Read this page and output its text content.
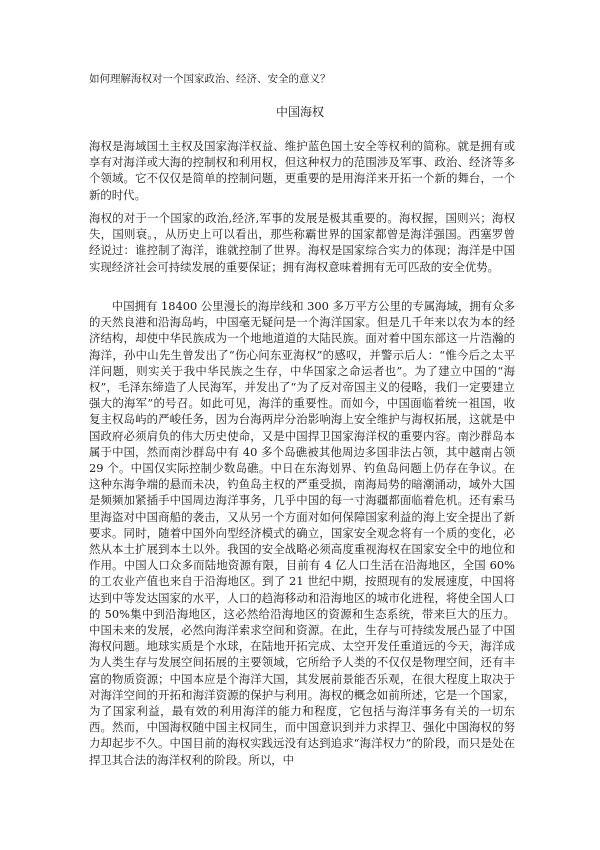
如何理解海权对一个国家政治、经济、安全的意义？
中国海权

海权是海域国土主权及国家海洋权益、维护蓝色国土安全等权利的简称。就是拥有或享有对海洋或大海的控制权和利用权，但这种权力的范围涉及军事、政治、经济等多个领域。它不仅仅是简单的控制问题，更重要的是用海洋来开拓一个新的舞台，一个新的时代。

海权的对于一个国家的政治,经济,军事的发展是极其重要的。海权握，国则兴；海权失，国则衰。，从历史上可以看出，那些称霸世界的国家都曾是海洋强国。西塞罗曾经说过：谁控制了海洋，谁就控制了世界。海权是国家综合实力的体现；海洋是中国实现经济社会可持续发展的重要保证；拥有海权意味着拥有无可匹敌的安全优势。

中国拥有 18400 公里漫长的海岸线和 300 多万平方公里的专属海域，拥有众多的天然良港和沿海岛屿，中国毫无疑问是一个海洋国家。但是几千年来以农为本的经济结构，却使中华民族成为一个地地道道的大陆民族。面对着中国东部这一片浩瀚的海洋，孙中山先生曾发出了“伤心问东亚海权”的感叹，并警示后人：“惟今后之太平洋问题，则实关于我中华民族之生存，中华国家之命运者也”。为了建立中国的“海权”，毛泽东缔造了人民海军，并发出了“为了反对帝国主义的侵略，我们一定要建立强大的海军”的号召。如此可见，海洋的重要性。而如今，中国面临着统一祖国，收复主权岛屿的严峻任务，因为台海两岸分治影响海上安全维护与海权拓展，这就是中国政府必须肩负的伟大历史使命，又是中国捍卫国家海洋权的重要内容。南沙群岛本属于中国，然而南沙群岛中有 40 多个岛礁被其他周边多国非法占领，其中越南占领 29 个。中国仅实际控制少数岛礁。中日在东海划界、钓鱼岛问题上仍存在争议。在这种东海争端的悬而未决，钓鱼岛主权的严重受损，南海局势的暗潮涌动，域外大国是频频加紧插手中国周边海洋事务，几乎中国的每一寸海疆都面临着危机。还有索马里海盗对中国商船的袭击，又从另一个方面对如何保障国家利益的海上安全提出了新要求。同时，随着中国外向型经济模式的确立，国家安全观念将有一个质的变化，必然从本土扩展到本土以外。我国的安全战略必须高度重视海权在国家安全中的地位和作用。中国人口众多而陆地资源有限，目前有 4 亿人口生活在沿海地区，全国 60%的工农业产值也来自于沿海地区。到了 21 世纪中期，按照现有的发展速度，中国将达到中等发达国家的水平，人口的趋海移动和沿海地区的城市化进程，将使全国人口的 50%集中到沿海地区，这必然给沿海地区的资源和生态系统，带来巨大的压力。中国未来的发展，必然向海洋索求空间和资源。在此，生存与可持续发展凸显了中国海权问题。地球实质是个水球，在陆地开拓完成、太空开发任重道远的今天，海洋成为人类生存与发展空间拓展的主要领域，它所给予人类的不仅仅是物理空间，还有丰富的物质资源；中国本应是个海洋大国，其发展前景能否乐观，在很大程度上取决于对海洋空间的开拓和海洋资源的保护与利用。海权的概念如前所述，它是一个国家，为了国家利益，最有效的利用海洋的能力和程度，它包括与海洋事务有关的一切东西。然而，中国海权随中国主权同生，而中国意识到并力求捍卫、强化中国海权的努力却起步不久。中国目前的海权实践远没有达到追求“海洋权力”的阶段，而只是处在捍卫其合法的海洋权利的阶段。所以，中
